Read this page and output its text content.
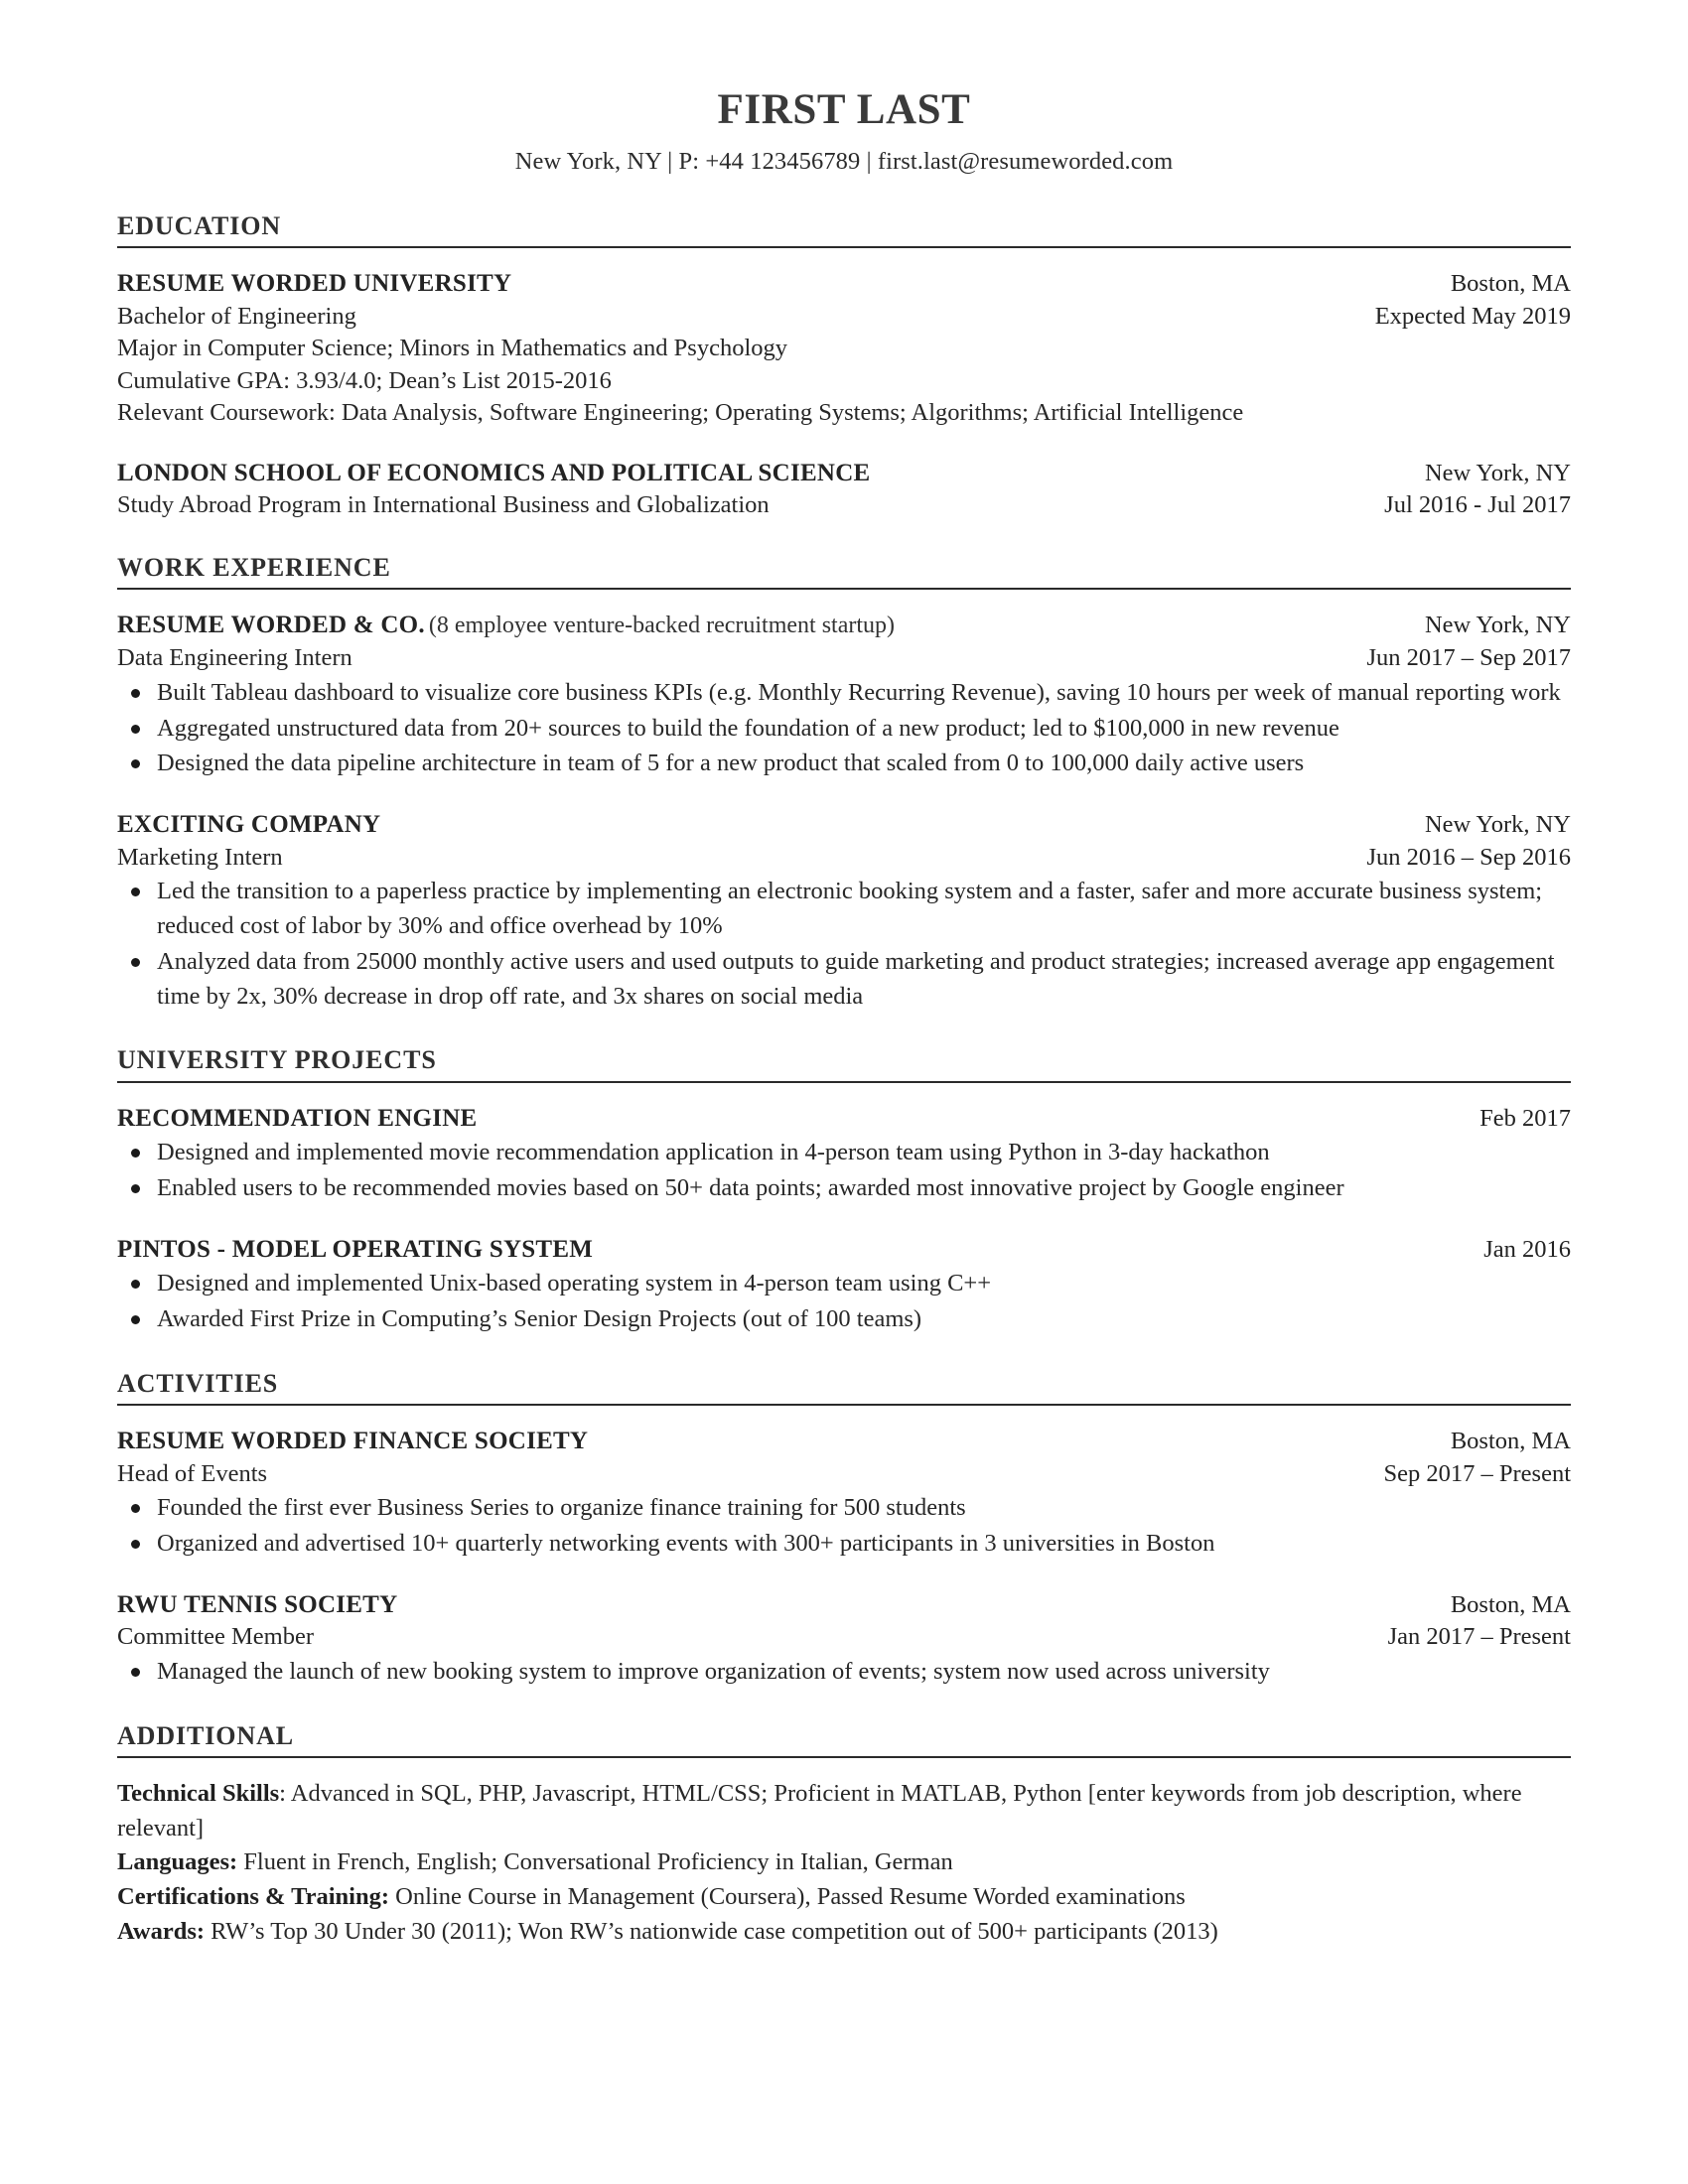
FIRST LAST
New York, NY | P: +44 123456789 | first.last@resumeworded.com
EDUCATION
RESUME WORDED UNIVERSITY	Boston, MA
Bachelor of Engineering	Expected May 2019
Major in Computer Science; Minors in Mathematics and Psychology
Cumulative GPA: 3.93/4.0; Dean’s List 2015-2016
Relevant Coursework: Data Analysis, Software Engineering; Operating Systems; Algorithms; Artificial Intelligence
LONDON SCHOOL OF ECONOMICS AND POLITICAL SCIENCE	New York, NY
Study Abroad Program in International Business and Globalization	Jul 2016 - Jul 2017
WORK EXPERIENCE
RESUME WORDED & CO. (8 employee venture-backed recruitment startup)	New York, NY
Data Engineering Intern	Jun 2017 – Sep 2017
Built Tableau dashboard to visualize core business KPIs (e.g. Monthly Recurring Revenue), saving 10 hours per week of manual reporting work
Aggregated unstructured data from 20+ sources to build the foundation of a new product; led to $100,000 in new revenue
Designed the data pipeline architecture in team of 5 for a new product that scaled from 0 to 100,000 daily active users
EXCITING COMPANY	New York, NY
Marketing Intern	Jun 2016 – Sep 2016
Led the transition to a paperless practice by implementing an electronic booking system and a faster, safer and more accurate business system; reduced cost of labor by 30% and office overhead by 10%
Analyzed data from 25000 monthly active users and used outputs to guide marketing and product strategies; increased average app engagement time by 2x, 30% decrease in drop off rate, and 3x shares on social media
UNIVERSITY PROJECTS
RECOMMENDATION ENGINE	Feb 2017
Designed and implemented movie recommendation application in 4-person team using Python in 3-day hackathon
Enabled users to be recommended movies based on 50+ data points; awarded most innovative project by Google engineer
PINTOS - MODEL OPERATING SYSTEM	Jan 2016
Designed and implemented Unix-based operating system in 4-person team using C++
Awarded First Prize in Computing’s Senior Design Projects (out of 100 teams)
ACTIVITIES
RESUME WORDED FINANCE SOCIETY	Boston, MA
Head of Events	Sep 2017 – Present
Founded the first ever Business Series to organize finance training for 500 students
Organized and advertised 10+ quarterly networking events with 300+ participants in 3 universities in Boston
RWU TENNIS SOCIETY	Boston, MA
Committee Member	Jan 2017 – Present
Managed the launch of new booking system to improve organization of events; system now used across university
ADDITIONAL
Technical Skills: Advanced in SQL, PHP, Javascript, HTML/CSS; Proficient in MATLAB, Python [enter keywords from job description, where relevant]
Languages: Fluent in French, English; Conversational Proficiency in Italian, German
Certifications & Training: Online Course in Management (Coursera), Passed Resume Worded examinations
Awards: RW’s Top 30 Under 30 (2011); Won RW’s nationwide case competition out of 500+ participants (2013)
